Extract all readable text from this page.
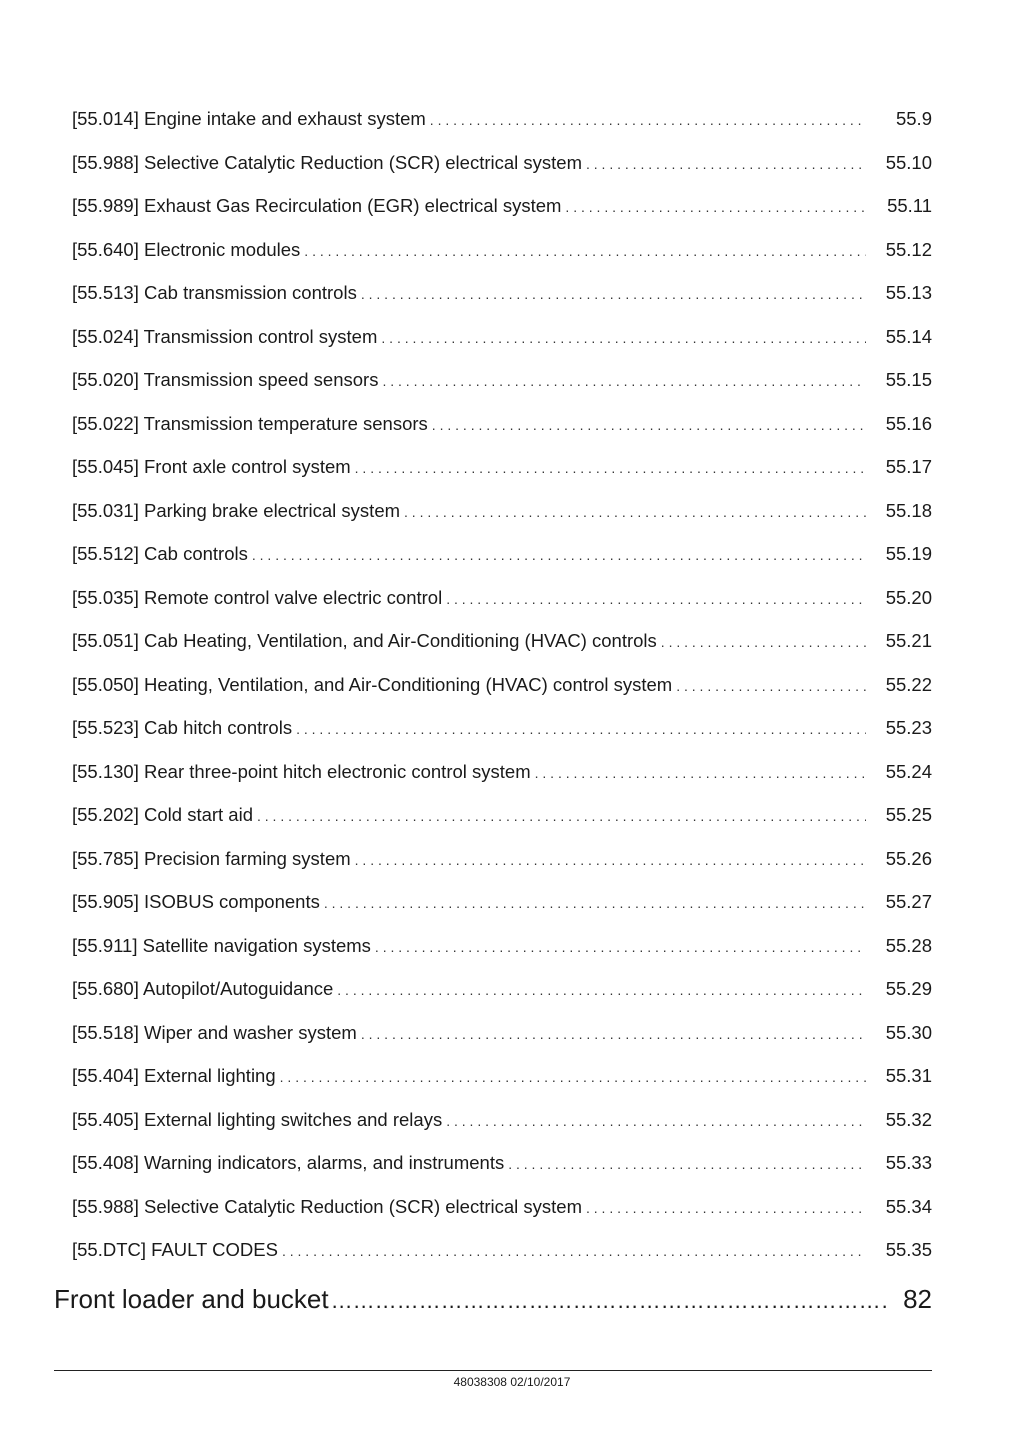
[55.014] Engine intake and exhaust system . . .	55.9
[55.988] Selective Catalytic Reduction (SCR) electrical system . . .	55.10
[55.989] Exhaust Gas Recirculation (EGR) electrical system . . .	55.11
[55.640] Electronic modules . . .	55.12
[55.513] Cab transmission controls . . .	55.13
[55.024] Transmission control system . . .	55.14
[55.020] Transmission speed sensors . . .	55.15
[55.022] Transmission temperature sensors . . .	55.16
[55.045] Front axle control system . . .	55.17
[55.031] Parking brake electrical system . . .	55.18
[55.512] Cab controls . . .	55.19
[55.035] Remote control valve electric control . . .	55.20
[55.051] Cab Heating, Ventilation, and Air-Conditioning (HVAC) controls . . .	55.21
[55.050] Heating, Ventilation, and Air-Conditioning (HVAC) control system . . .	55.22
[55.523] Cab hitch controls . . .	55.23
[55.130] Rear three-point hitch electronic control system . . .	55.24
[55.202] Cold start aid . . .	55.25
[55.785] Precision farming system . . .	55.26
[55.905] ISOBUS components . . .	55.27
[55.911] Satellite navigation systems . . .	55.28
[55.680] Autopilot/Autoguidance . . .	55.29
[55.518] Wiper and washer system . . .	55.30
[55.404] External lighting . . .	55.31
[55.405] External lighting switches and relays . . .	55.32
[55.408] Warning indicators, alarms, and instruments . . .	55.33
[55.988] Selective Catalytic Reduction (SCR) electrical system . . .	55.34
[55.DTC] FAULT CODES . . .	55.35
Front loader and bucket ……………………………………………………………………………………………………………………………………	82
48038308 02/10/2017
